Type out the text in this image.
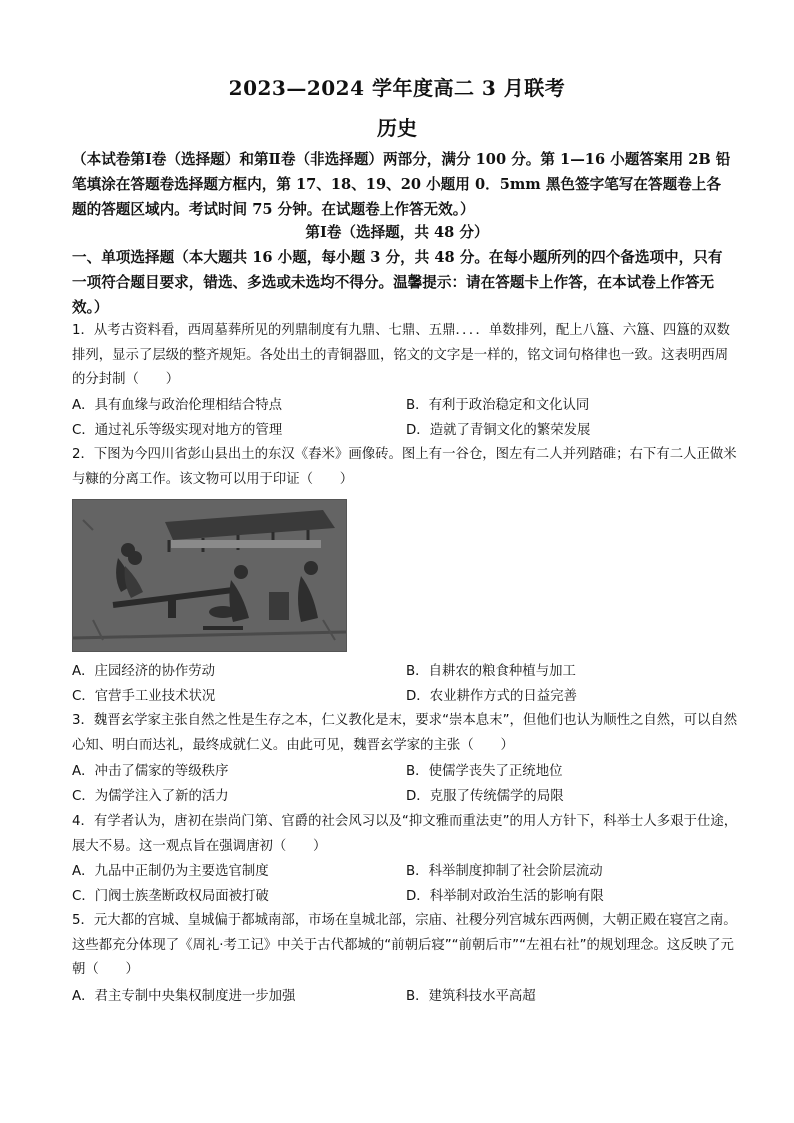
2023—2024 学年度高二 3 月联考
历史
（本试卷第Ⅰ卷（选择题）和第Ⅱ卷（非选择题）两部分，满分 100 分。第 1—16 小题答案用 2B 铅笔填涂在答题卷选择题方框内，第 17、18、19、20 小题用 0．5mm 黑色签字笔写在答题卷上各题的答题区域内。考试时间 75 分钟。在试题卷上作答无效。）
第Ⅰ卷（选择题，共 48 分）
一、单项选择题（本大题共 16 小题，每小题 3 分，共 48 分。在每小题所列的四个备选项中，只有一项符合题目要求，错选、多选或未选均不得分。温馨提示：请在答题卡上作答，在本试卷上作答无效。）
1．从考古资料看，西周墓葬所见的列鼎制度有九鼎、七鼎、五鼎．．．．单数排列，配上八簋、六簋、四簋的双数排列，显示了层级的整齐规矩。各处出土的青铜器皿，铭文的文字是一样的，铭文词句格律也一致。这表明西周的分封制（　　）
A．具有血缘与政治伦理相结合特点	B．有利于政治稳定和文化认同
C．通过礼乐等级实现对地方的管理	D．造就了青铜文化的繁荣发展
2．下图为今四川省彭山县出土的东汉《舂米》画像砖。图上有一谷仓，图左有二人并列踏碓；右下有二人正做米与糠的分离工作。该文物可以用于印证（　　）
A．庄园经济的协作劳动	B．自耕农的粮食种植与加工
C．官营手工业技术状况	D．农业耕作方式的日益完善
3．魏晋玄学家主张自然之性是生存之本，仁义教化是末，要求“崇本息末”，但他们也认为顺性之自然，可以自然心知、明白而达礼，最终成就仁义。由此可见，魏晋玄学家的主张（　　）
A．冲击了儒家的等级秩序	B．使儒学丧失了正统地位
C．为儒学注入了新的活力	D．克服了传统儒学的局限
4．有学者认为，唐初在崇尚门第、官爵的社会风习以及“抑文雅而重法吏”的用人方针下，科举士人多艰于仕途，展大不易。这一观点旨在强调唐初（　　）
A．九品中正制仍为主要选官制度	B．科举制度抑制了社会阶层流动
C．门阀士族垄断政权局面被打破	D．科举制对政治生活的影响有限
5．元大都的宫城、皇城偏于都城南部，市场在皇城北部，宗庙、社稷分列宫城东西两侧，大朝正殿在寝宫之南。这些都充分体现了《周礼·考工记》中关于古代都城的“前朝后寝”“前朝后市”“左祖右社”的规划理念。这反映了元朝（　　）
A．君主专制中央集权制度进一步加强	B．建筑科技水平高超
